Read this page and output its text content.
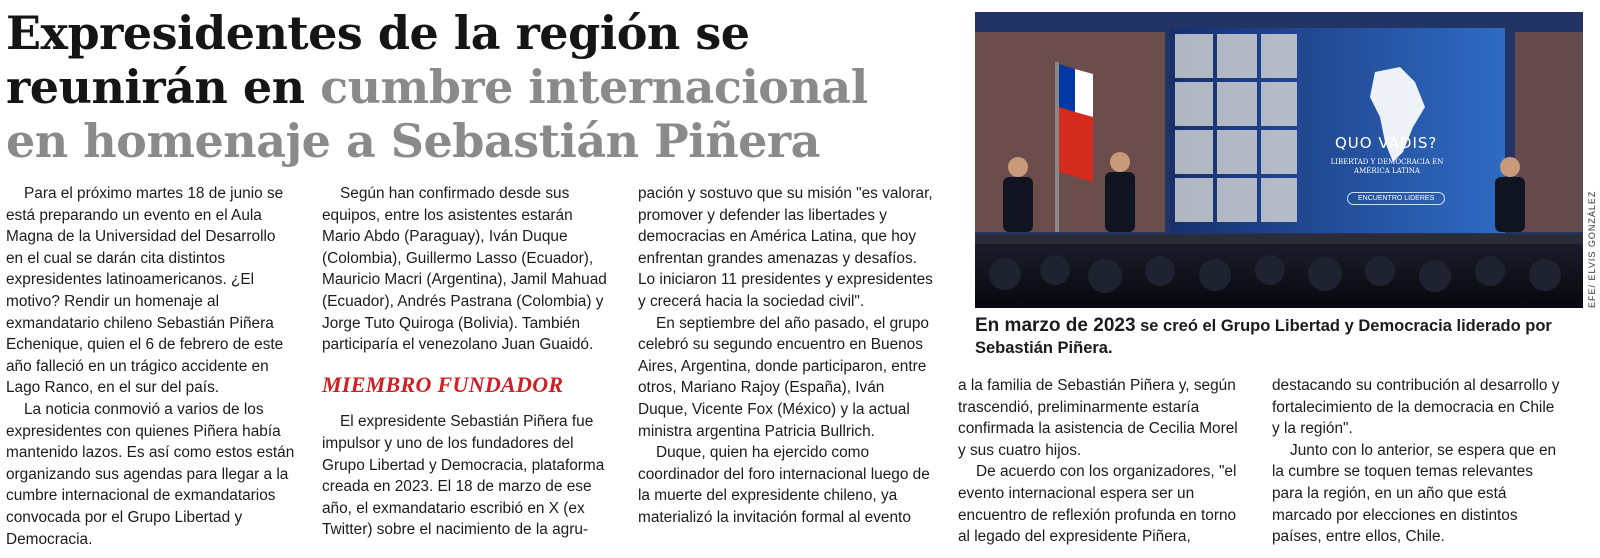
Expresidentes de la región se
reunirán en cumbre internacional
en homenaje a Sebastián Piñera

Para el próximo martes 18 de junio se está preparando un evento en el Aula Magna de la Universidad del Desarrollo en el cual se darán cita distintos expresidentes latinoamericanos. ¿El motivo? Rendir un homenaje al exmandatario chileno Sebastián Piñera Echenique, quien el 6 de febrero de este año falleció en un trágico accidente en Lago Ranco, en el sur del país.

La noticia conmovió a varios de los expresidentes con quienes Piñera había mantenido lazos. Es así como estos están organizando sus agendas para llegar a la cumbre internacional de exmandatarios convocada por el Grupo Libertad y Democracia.

Según han confirmado desde sus equipos, entre los asistentes estarán Mario Abdo (Paraguay), Iván Duque (Colombia), Guillermo Lasso (Ecuador), Mauricio Macri (Argentina), Jamil Mahuad (Ecuador), Andrés Pastrana (Colombia) y Jorge Tuto Quiroga (Bolivia). También participaría el venezolano Juan Guaidó.

MIEMBRO FUNDADOR

El expresidente Sebastián Piñera fue impulsor y uno de los fundadores del Grupo Libertad y Democracia, plataforma creada en 2023. El 18 de marzo de ese año, el exmandatario escribió en X (ex Twitter) sobre el nacimiento de la agru-

pación y sostuvo que su misión "es valorar, promover y defender las libertades y democracias en América Latina, que hoy enfrentan grandes amenazas y desafíos. Lo iniciaron 11 presidentes y expresidentes y crecerá hacia la sociedad civil".

En septiembre del año pasado, el grupo celebró su segundo encuentro en Buenos Aires, Argentina, donde participaron, entre otros, Mariano Rajoy (España), Iván Duque, Vicente Fox (México) y la actual ministra argentina Patricia Bullrich.

Duque, quien ha ejercido como coordinador del foro internacional luego de la muerte del expresidente chileno, ya materializó la invitación formal al evento

QUO VADIS?
LIBERTAD Y DEMOCRACIA EN AMÉRICA LATINA
ENCUENTRO LIDERES	EFE/ ELVIS GONZÁLEZ
En marzo de 2023 se creó el Grupo Libertad y Democracia liderado por Sebastián Piñera.

a la familia de Sebastián Piñera y, según trascendió, preliminarmente estaría confirmada la asistencia de Cecilia Morel y sus cuatro hijos.

De acuerdo con los organizadores, "el evento internacional espera ser un encuentro de reflexión profunda en torno al legado del expresidente Piñera,

destacando su contribución al desarrollo y fortalecimiento de la democracia en Chile y la región".

Junto con lo anterior, se espera que en la cumbre se toquen temas relevantes para la región, en un año que está marcado por elecciones en distintos países, entre ellos, Chile.
